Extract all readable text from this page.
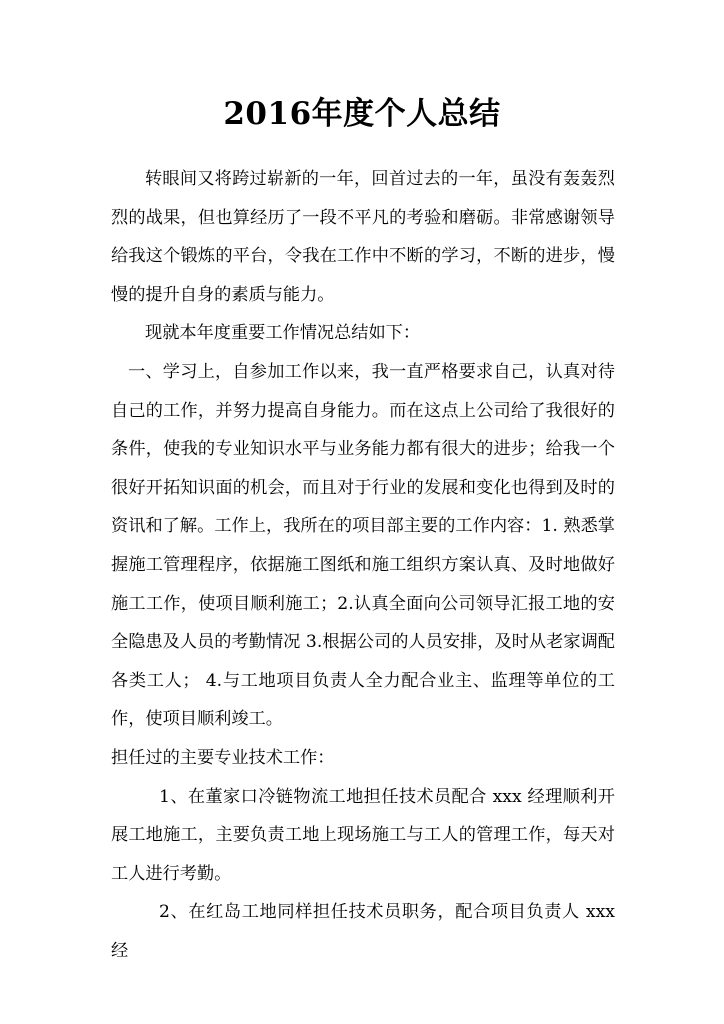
2016年度个人总结

转眼间又将跨过崭新的一年，回首过去的一年，虽没有轰轰烈烈的战果，但也算经历了一段不平凡的考验和磨砺。非常感谢领导给我这个锻炼的平台，令我在工作中不断的学习，不断的进步，慢慢的提升自身的素质与能力。

现就本年度重要工作情况总结如下：

一、学习上，自参加工作以来，我一直严格要求自己，认真对待自己的工作，并努力提高自身能力。而在这点上公司给了我很好的条件，使我的专业知识水平与业务能力都有很大的进步；给我一个很好开拓知识面的机会，而且对于行业的发展和变化也得到及时的资讯和了解。工作上，我所在的项目部主要的工作内容：1. 熟悉掌握施工管理程序，依据施工图纸和施工组织方案认真、及时地做好施工工作，使项目顺利施工；2.认真全面向公司领导汇报工地的安全隐患及人员的考勤情况 3.根据公司的人员安排，及时从老家调配各类工人； 4.与工地项目负责人全力配合业主、监理等单位的工作，使项目顺利竣工。

担任过的主要专业技术工作：

1、在董家口冷链物流工地担任技术员配合 xxx 经理顺利开展工地施工，主要负责工地上现场施工与工人的管理工作，每天对工人进行考勤。

2、在红岛工地同样担任技术员职务，配合项目负责人 xxx 经
